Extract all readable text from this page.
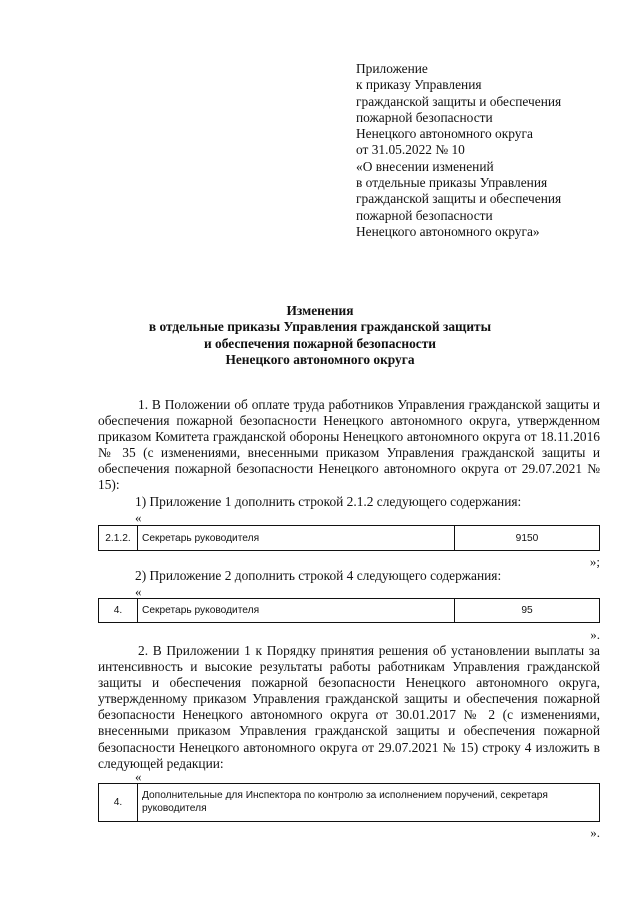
Приложение
к приказу Управления
гражданской защиты и обеспечения
пожарной безопасности
Ненецкого автономного округа
от 31.05.2022 № 10
«О внесении изменений
в отдельные приказы Управления
гражданской защиты и обеспечения
пожарной безопасности
Ненецкого автономного округа»
Изменения
в отдельные приказы Управления гражданской защиты
и обеспечения пожарной безопасности
Ненецкого автономного округа

1. В Положении об оплате труда работников Управления гражданской защиты и обеспечения пожарной безопасности Ненецкого автономного округа, утвержденном приказом Комитета гражданской обороны Ненецкого автономного округа от 18.11.2016 № 35 (с изменениями, внесенными приказом Управления гражданской защиты и обеспечения пожарной безопасности Ненецкого автономного округа от 29.07.2021 № 15):

1) Приложение 1 дополнить строкой 2.1.2 следующего содержания:
«
2.1.2.	Секретарь руководителя	9150
»;
2) Приложение 2 дополнить строкой 4 следующего содержания:
«
4.	Секретарь руководителя	95
».

2. В Приложении 1 к Порядку принятия решения об установлении выплаты за интенсивность и высокие результаты работы работникам Управления гражданской защиты и обеспечения пожарной безопасности Ненецкого автономного округа, утвержденному приказом Управления гражданской защиты и обеспечения пожарной безопасности Ненецкого автономного округа от 30.01.2017 № 2 (с изменениями, внесенными приказом Управления гражданской защиты и обеспечения пожарной безопасности Ненецкого автономного округа от 29.07.2021 № 15) строку 4 изложить в следующей редакции:

«
4.	Дополнительные для Инспектора по контролю за исполнением поручений, секретаря руководителя
».
